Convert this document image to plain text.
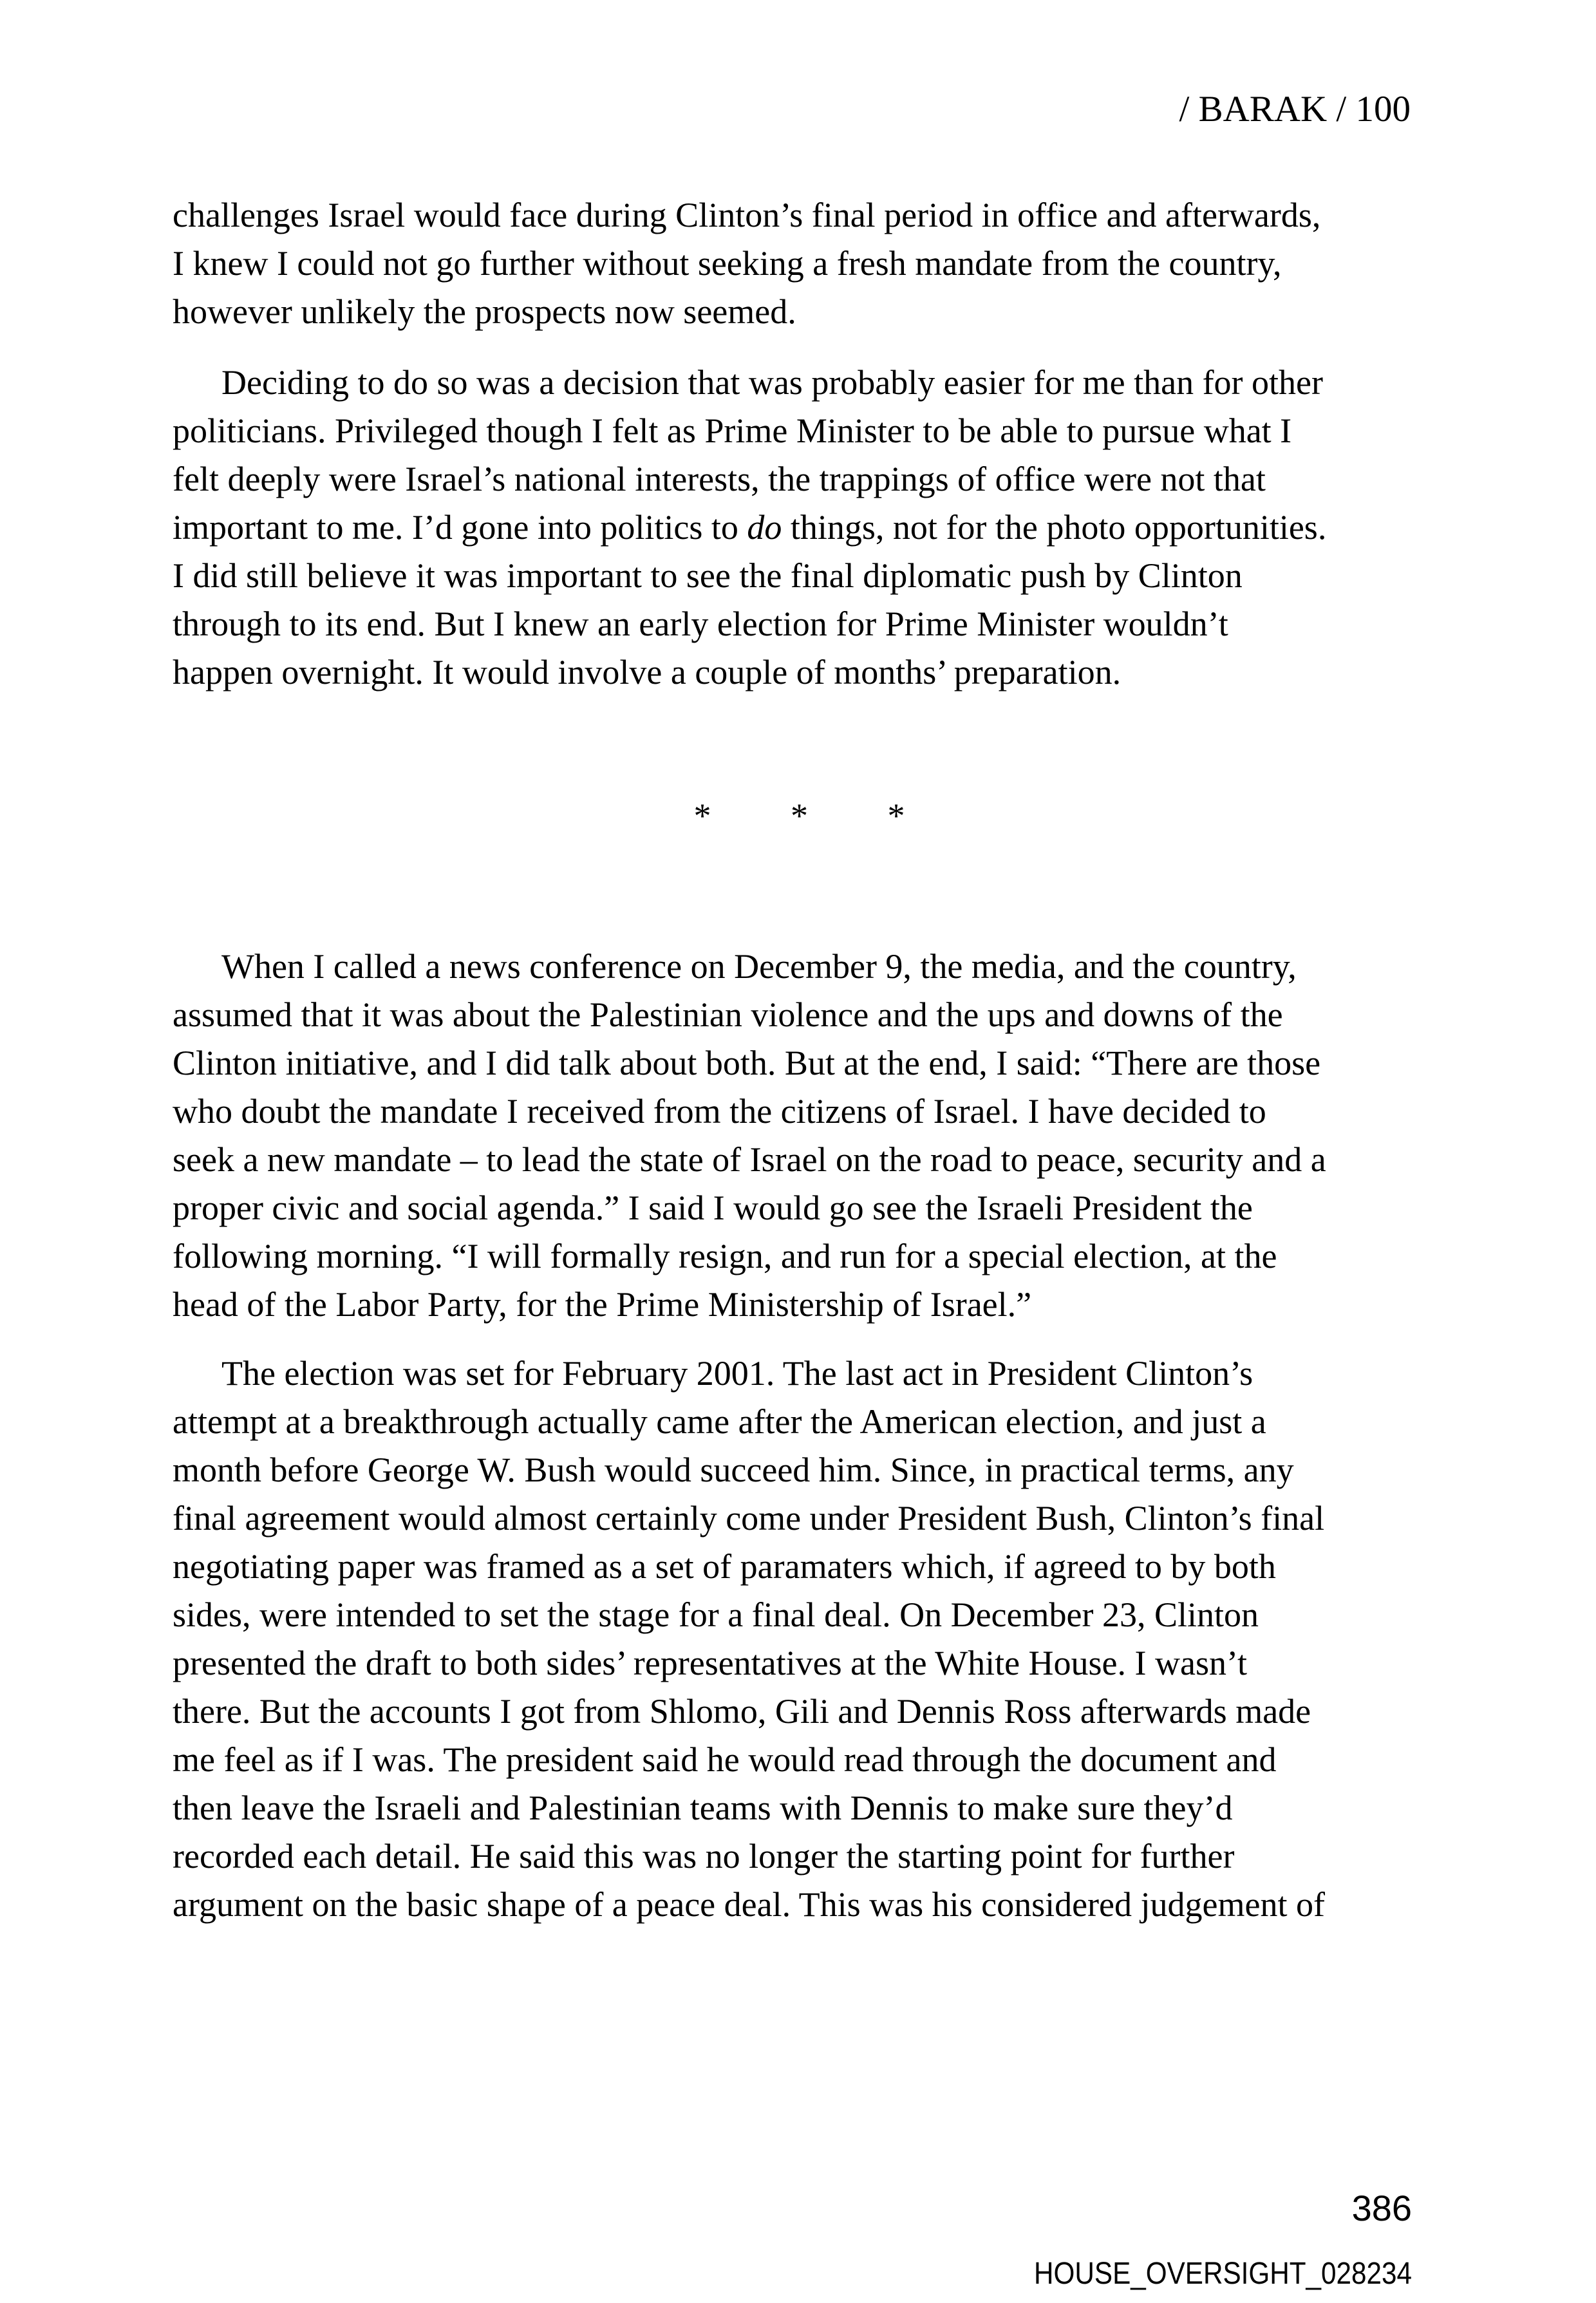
/ BARAK / 100
challenges Israel would face during Clinton’s final period in office and afterwards,
I knew I could not go further without seeking a fresh mandate from the country,
however unlikely the prospects now seemed.
Deciding to do so was a decision that was probably easier for me than for other
politicians. Privileged though I felt as Prime Minister to be able to pursue what I
felt deeply were Israel’s national interests, the trappings of office were not that
important to me. I’d gone into politics to do things, not for the photo opportunities.
I did still believe it was important to see the final diplomatic push by Clinton
through to its end. But I knew an early election for Prime Minister wouldn’t
happen overnight. It would involve a couple of months’ preparation.
* * *
When I called a news conference on December 9, the media, and the country,
assumed that it was about the Palestinian violence and the ups and downs of the
Clinton initiative, and I did talk about both. But at the end, I said: “There are those
who doubt the mandate I received from the citizens of Israel. I have decided to
seek a new mandate – to lead the state of Israel on the road to peace, security and a
proper civic and social agenda.” I said I would go see the Israeli President the
following morning. “I will formally resign, and run for a special election, at the
head of the Labor Party, for the Prime Ministership of Israel.”
The election was set for February 2001. The last act in President Clinton’s
attempt at a breakthrough actually came after the American election, and just a
month before George W. Bush would succeed him. Since, in practical terms, any
final agreement would almost certainly come under President Bush, Clinton’s final
negotiating paper was framed as a set of paramaters which, if agreed to by both
sides, were intended to set the stage for a final deal. On December 23, Clinton
presented the draft to both sides’ representatives at the White House. I wasn’t
there. But the accounts I got from Shlomo, Gili and Dennis Ross afterwards made
me feel as if I was. The president said he would read through the document and
then leave the Israeli and Palestinian teams with Dennis to make sure they’d
recorded each detail. He said this was no longer the starting point for further
argument on the basic shape of a peace deal. This was his considered judgement of
386
HOUSE_OVERSIGHT_028234
